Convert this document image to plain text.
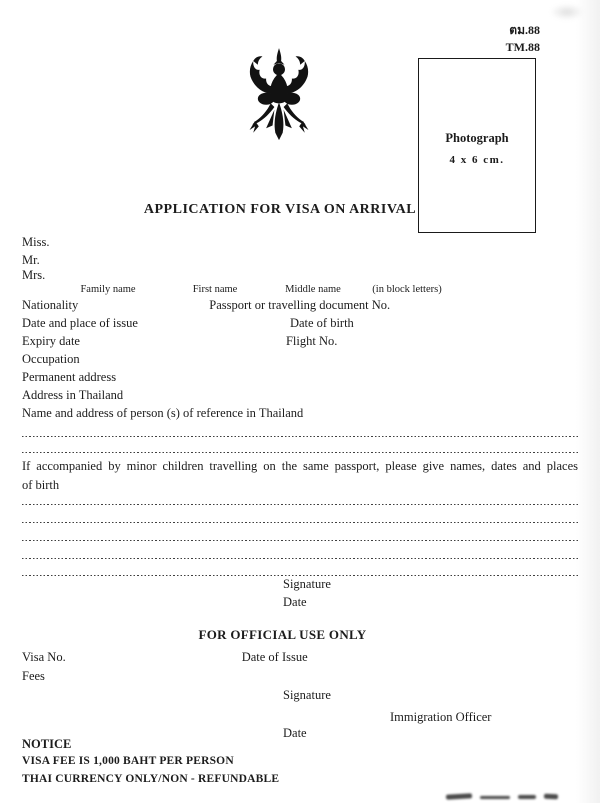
ตม.88
TM.88
Photograph
4 x 6 cm.
APPLICATION FOR VISA ON ARRIVAL
Miss.
Mr.
Mrs.
Family name	First name	Middle name	(in block letters)
Nationality	Passport or travelling document No.
Date and place of issue	Date of birth
Expiry date	Flight No.
Occupation
Permanent address
Address in Thailand
Name and address of person (s) of reference in Thailand
If accompanied by minor children travelling on the same passport, please give names, dates and places
of birth
Signature
Date
FOR OFFICIAL USE ONLY
Visa No.	Date of Issue
Fees
Signature
Immigration Officer
Date
NOTICE
VISA FEE IS 1,000 BAHT PER PERSON
THAI CURRENCY ONLY/NON - REFUNDABLE
